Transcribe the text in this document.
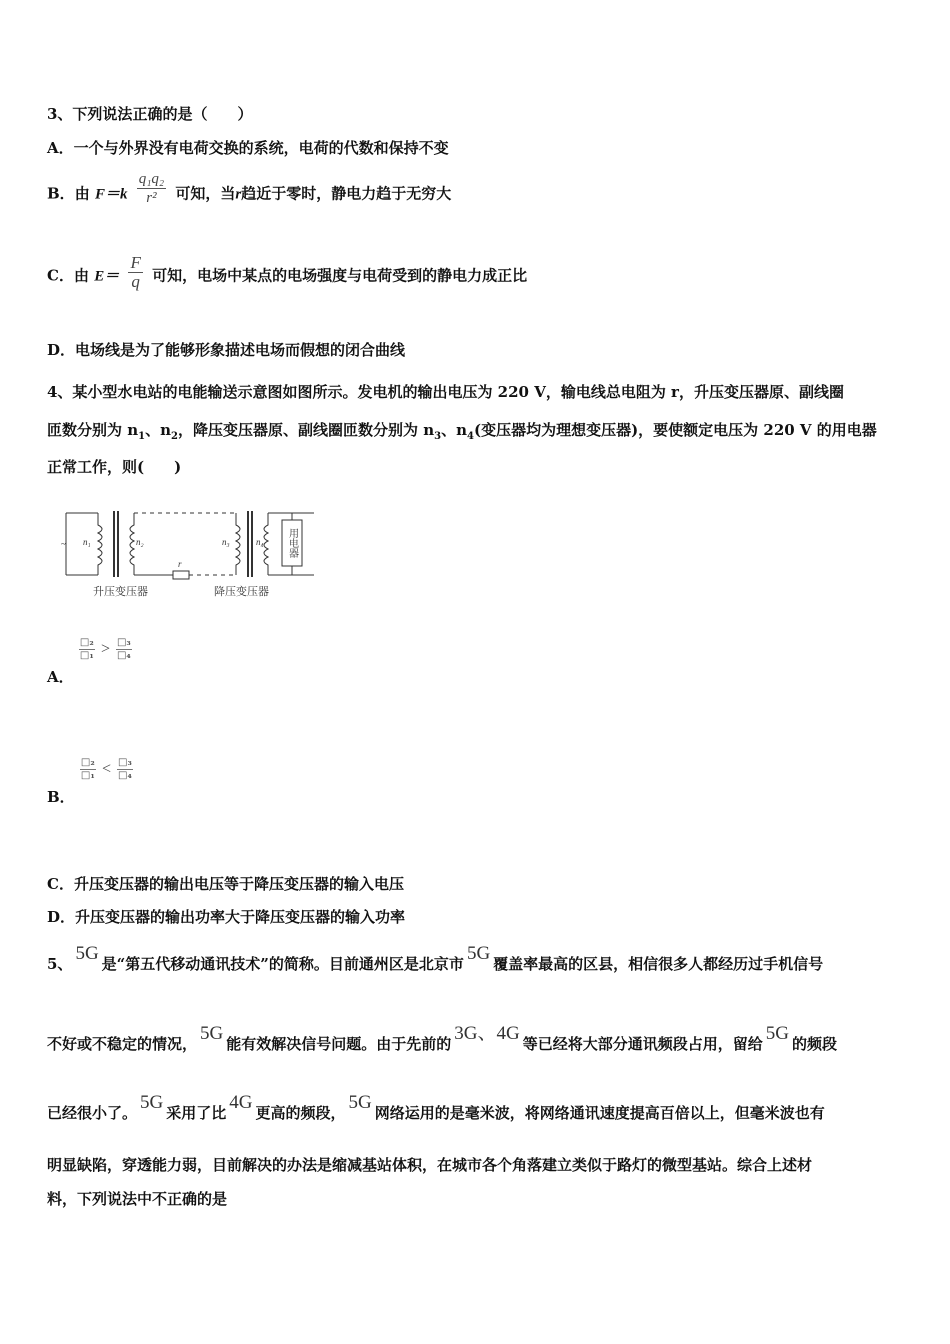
3、下列说法正确的是（　　）
A．一个与外界没有电荷交换的系统，电荷的代数和保持不变
B．由 $F=k \frac{\text{q₁q₂}}{\text{r²}}$ 可知，当r趋近于零时，静电力趋于无穷大
C．由 $E= \frac{F}{q}$ 可知，电场中某点的电场强度与电荷受到的静电力成正比
D．电场线是为了能够形象描述电场而假想的闭合曲线
4、某小型水电站的电能输送示意图如图所示。发电机的输出电压为 220 V，输电线总电阻为 r，升压变压器原、副线圈
匝数分别为 $n_1$、$n_2$，降压变压器原、副线圈匝数分别为 $n_3$、$n_4$(变压器均为理想变压器)，要使额定电压为 220 V 的用电器
正常工作，则(　　)
~ n₁	n₂
r
n₃	n₄ 用电器
升压变压器	降压变压器
A．
$\frac{\text{□₂}}{\text{□₁}} > \frac{\text{□₃}}{\text{□₄}}$
B．
$\frac{\text{□₂}}{\text{□₁}} < \frac{\text{□₃}}{\text{□₄}}$
C．升压变压器的输出电压等于降压变压器的输入电压
D．升压变压器的输出功率大于降压变压器的输入功率
5、 5G 是“第五代移动通讯技术”的简称。目前通州区是北京市 5G 覆盖率最高的区县，相信很多人都经历过手机信号
不好或不稳定的情况， 5G 能有效解决信号问题。由于先前的 3G、4G 等已经将大部分通讯频段占用，留给 5G 的频段
已经很小了。 5G 采用了比 4G 更高的频段， 5G 网络运用的是毫米波，将网络通讯速度提高百倍以上，但毫米波也有
明显缺陷，穿透能力弱，目前解决的办法是缩减基站体积，在城市各个角落建立类似于路灯的微型基站。综合上述材
料，下列说法中不正确的是
